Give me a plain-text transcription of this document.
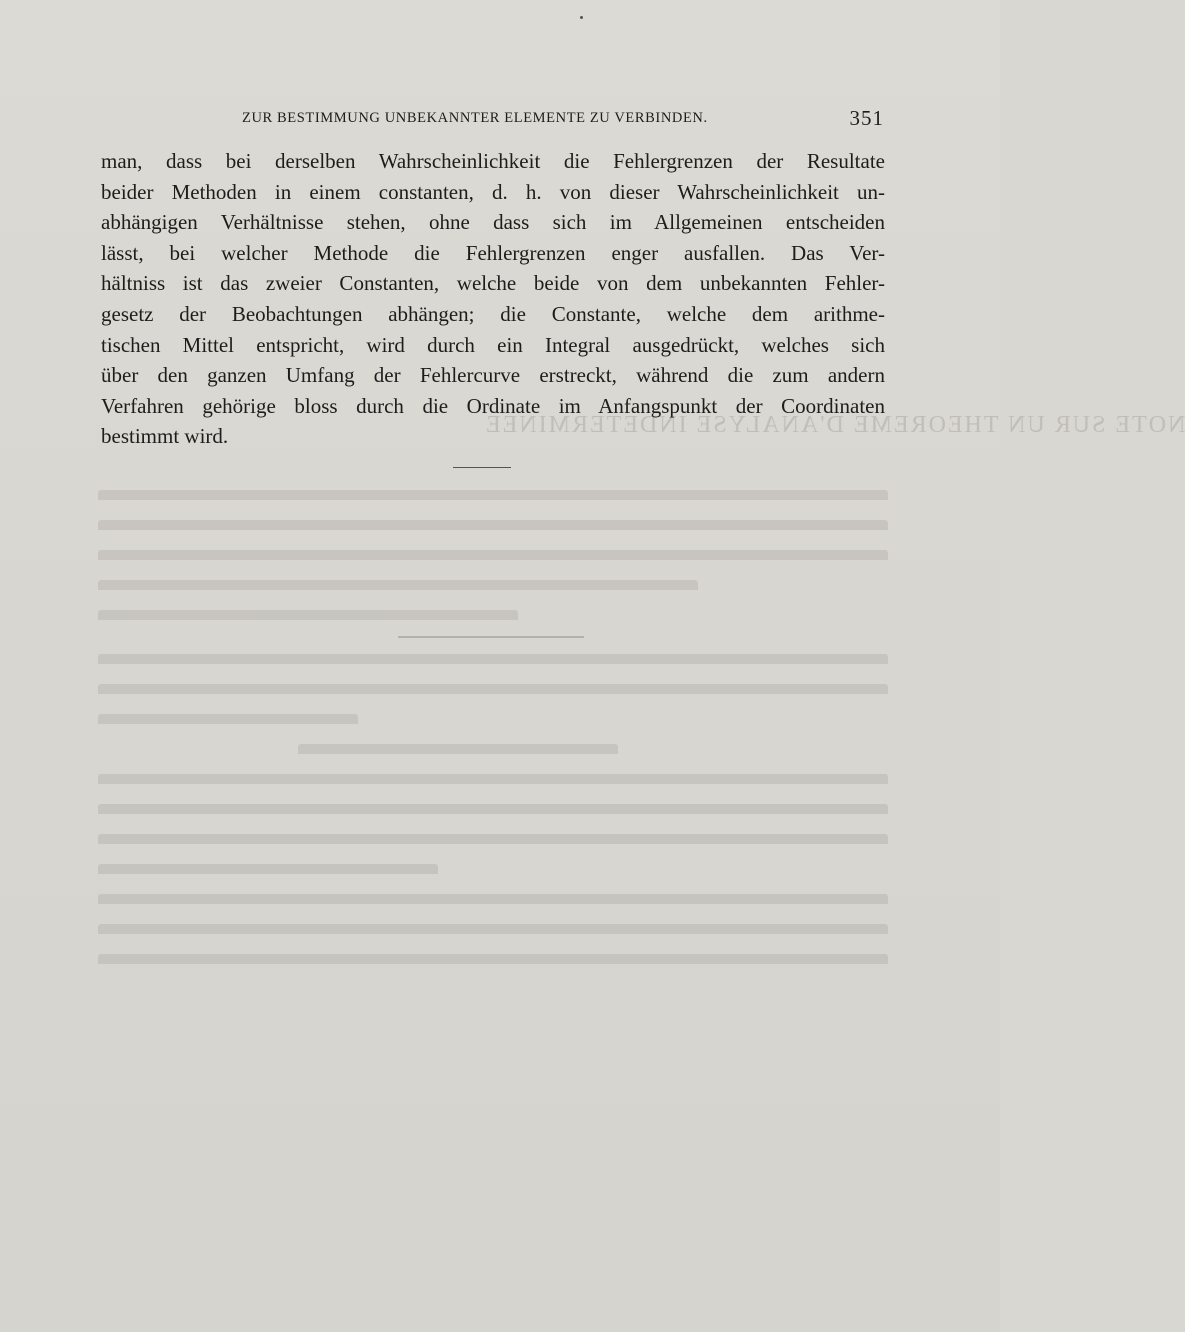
NOTE SUR UN THEOREME D'ANALYSE INDETERMINEE
ZUR BESTIMMUNG UNBEKANNTER ELEMENTE ZU VERBINDEN.	351
man, dass bei derselben Wahrscheinlichkeit die Fehlergrenzen der Resultate
beider Methoden in einem constanten, d. h. von dieser Wahrscheinlichkeit un-
abhängigen Verhältnisse stehen, ohne dass sich im Allgemeinen entscheiden
lässt, bei welcher Methode die Fehlergrenzen enger ausfallen. Das Ver-
hältniss ist das zweier Constanten, welche beide von dem unbekannten Fehler-
gesetz der Beobachtungen abhängen; die Constante, welche dem arithme-
tischen Mittel entspricht, wird durch ein Integral ausgedrückt, welches sich
über den ganzen Umfang der Fehlercurve erstreckt, während die zum andern
Verfahren gehörige bloss durch die Ordinate im Anfangspunkt der Coordinaten
bestimmt wird.
